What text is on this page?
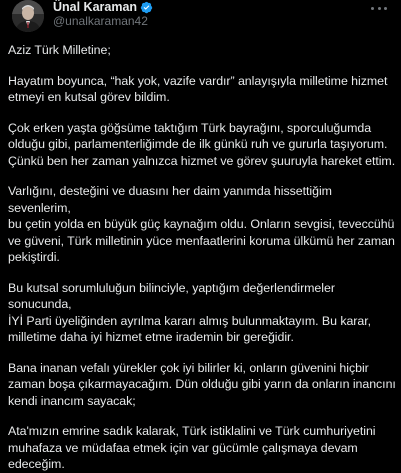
Ünal Karaman
@unalkaraman42

Aziz Türk Milletine;

Hayatım boyunca, “hak yok, vazife vardır” anlayışıyla milletime hizmet
etmeyi en kutsal görev bildim.

Çok erken yaşta göğsüme taktığım Türk bayrağını, sporculuğumda
olduğu gibi, parlamenterliğimde de ilk günkü ruh ve gururla taşıyorum.
Çünkü ben her zaman yalnızca hizmet ve görev şuuruyla hareket ettim.

Varlığını, desteğini ve duasını her daim yanımda hissettiğim sevenlerim,
bu çetin yolda en büyük güç kaynağım oldu. Onların sevgisi, teveccühü
ve güveni, Türk milletinin yüce menfaatlerini koruma ülkümü her zaman
pekiştirdi.

Bu kutsal sorumluluğun bilinciyle, yaptığım değerlendirmeler sonucunda,
İYİ Parti üyeliğinden ayrılma kararı almış bulunmaktayım. Bu karar,
milletime daha iyi hizmet etme irademin bir gereğidir.

Bana inanan vefalı yürekler çok iyi bilirler ki, onların güvenini hiçbir
zaman boşa çıkarmayacağım. Dün olduğu gibi yarın da onların inancını
kendi inancım sayacak;

Ata'mızın emrine sadık kalarak, Türk istiklalini ve Türk cumhuriyetini
muhafaza ve müdafaa etmek için var gücümle çalışmaya devam
edeceğim.
